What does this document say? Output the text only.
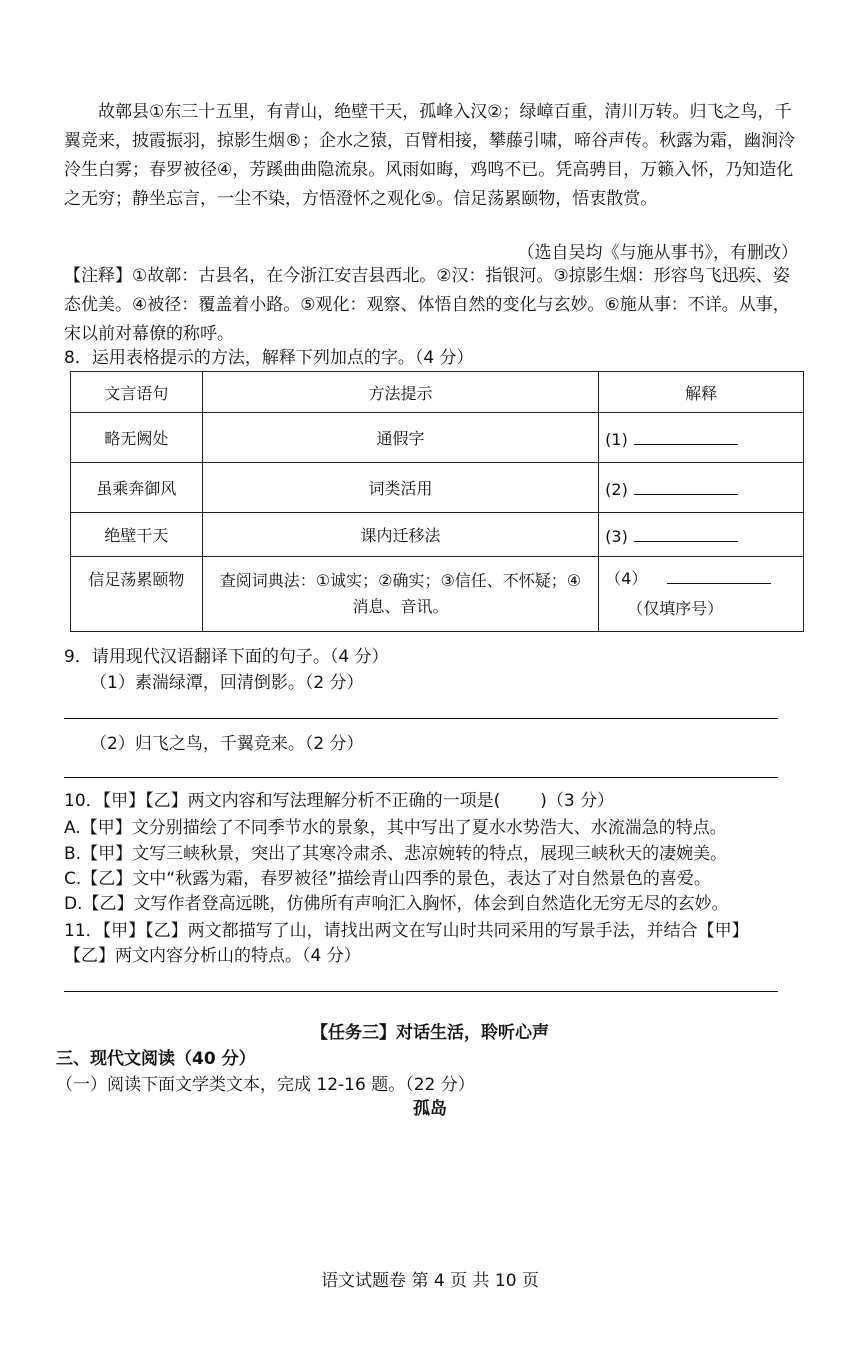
故鄣县①东三十五里，有青山，绝壁干天，孤峰入汉②；绿嶂百重，清川万转。归飞之鸟，千翼竞来，披霞振羽，掠影生烟®；企水之猿，百臂相接，攀藤引啸，啼谷声传。秋露为霜，幽涧泠泠生白雾；春罗被径④，芳蹊曲曲隐流泉。风雨如晦，鸡鸣不已。凭高骋目，万籁入怀，乃知造化之无穷；静坐忘言，一尘不染，方悟澄怀之观化⑤。信足荡累颐物，悟衷散赏。

（选自吴均《与施从事书》，有删改）

【注释】①故鄣：古县名，在今浙江安吉县西北。②汉：指银河。③掠影生烟：形容鸟飞迅疾、姿态优美。④被径：覆盖着小路。⑤观化：观察、体悟自然的变化与玄妙。⑥施从事：不详。从事，宋以前对幕僚的称呼。

8．运用表格提示的方法，解释下列加点的字。（4 分）
文言语句	方法提示	解释
略无阙处	通假字	(1)
虽乘奔御风	词类活用	(2)
绝壁干天	课内迁移法	(3)
信足荡累颐物	查阅词典法：①诚实；②确实；③信任、不怀疑；④消息、音讯。	（4）
（仅填序号）
9．请用现代汉语翻译下面的句子。（4 分）
（1）素湍绿潭，回清倒影。（2 分）
（2）归飞之鸟，千翼竞来。（2 分）
10．【甲】【乙】两文内容和写法理解分析不正确的一项是( )（3 分）
A.【甲】文分别描绘了不同季节水的景象，其中写出了夏水水势浩大、水流湍急的特点。
B.【甲】文写三峡秋景，突出了其寒冷肃杀、悲凉婉转的特点，展现三峡秋天的凄婉美。
C.【乙】文中“秋露为霜，春罗被径”描绘青山四季的景色，表达了对自然景色的喜爱。
D.【乙】文写作者登高远眺，仿佛所有声响汇入胸怀，体会到自然造化无穷无尽的玄妙。
11．【甲】【乙】两文都描写了山，请找出两文在写山时共同采用的写景手法，并结合【甲】
【乙】两文内容分析山的特点。（4 分）
【任务三】对话生活，聆听心声
三、现代文阅读（40 分）
（一）阅读下面文学类文本，完成 12-16 题。（22 分）
孤岛
语文试题卷 第 4 页 共 10 页
